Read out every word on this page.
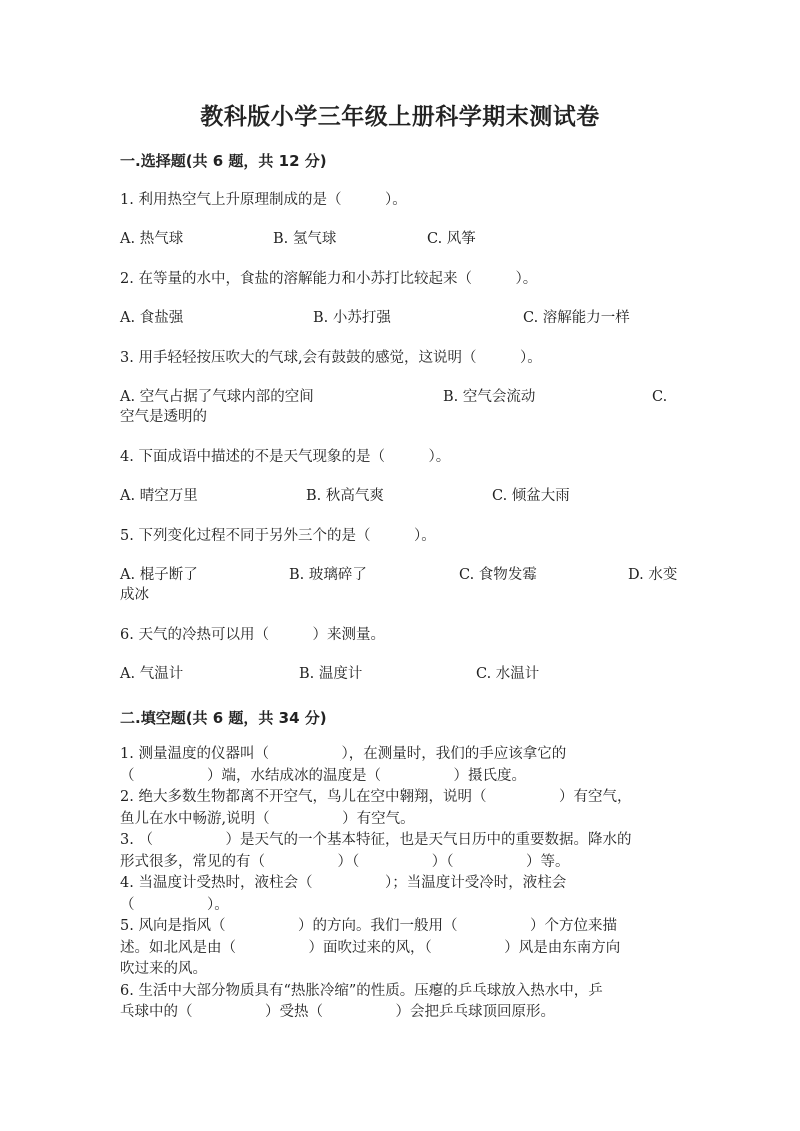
教科版小学三年级上册科学期末测试卷
一.选择题(共 6 题，共 12 分)
1. 利用热空气上升原理制成的是（　　　）。
A. 热气球	B. 氢气球	C. 风筝
2. 在等量的水中，食盐的溶解能力和小苏打比较起来（　　　）。
A. 食盐强	B. 小苏打强	C. 溶解能力一样
3. 用手轻轻按压吹大的气球,会有鼓鼓的感觉，这说明（　　　）。
A. 空气占据了气球内部的空间	B. 空气会流动	C.
空气是透明的
4. 下面成语中描述的不是天气现象的是（　　　）。
A. 晴空万里	B. 秋高气爽	C. 倾盆大雨
5. 下列变化过程不同于另外三个的是（　　　）。
A. 棍子断了	B. 玻璃碎了	C. 食物发霉	D. 水变
成冰
6. 天气的冷热可以用（　　　）来测量。
A. 气温计	B. 温度计	C. 水温计
二.填空题(共 6 题，共 34 分)
1. 测量温度的仪器叫（　　　　　），在测量时，我们的手应该拿它的
（　　　　　）端，水结成冰的温度是（　　　　　）摄氏度。
2. 绝大多数生物都离不开空气，鸟儿在空中翱翔，说明（　　　　　）有空气，
鱼儿在水中畅游,说明（　　　　　）有空气。
3. （　　　　　）是天气的一个基本特征，也是天气日历中的重要数据。降水的
形式很多，常见的有（　　　　　）（　　　　　）（　　　　　）等。
4. 当温度计受热时，液柱会（　　　　　）；当温度计受冷时，液柱会
（　　　　　）。
5. 风向是指风（　　　　　）的方向。我们一般用（　　　　　）个方位来描
述。如北风是由（　　　　　）面吹过来的风，（　　　　　）风是由东南方向
吹过来的风。
6. 生活中大部分物质具有“热胀冷缩”的性质。压瘪的乒乓球放入热水中，乒
乓球中的（　　　　　）受热（　　　　　）会把乒乓球顶回原形。
